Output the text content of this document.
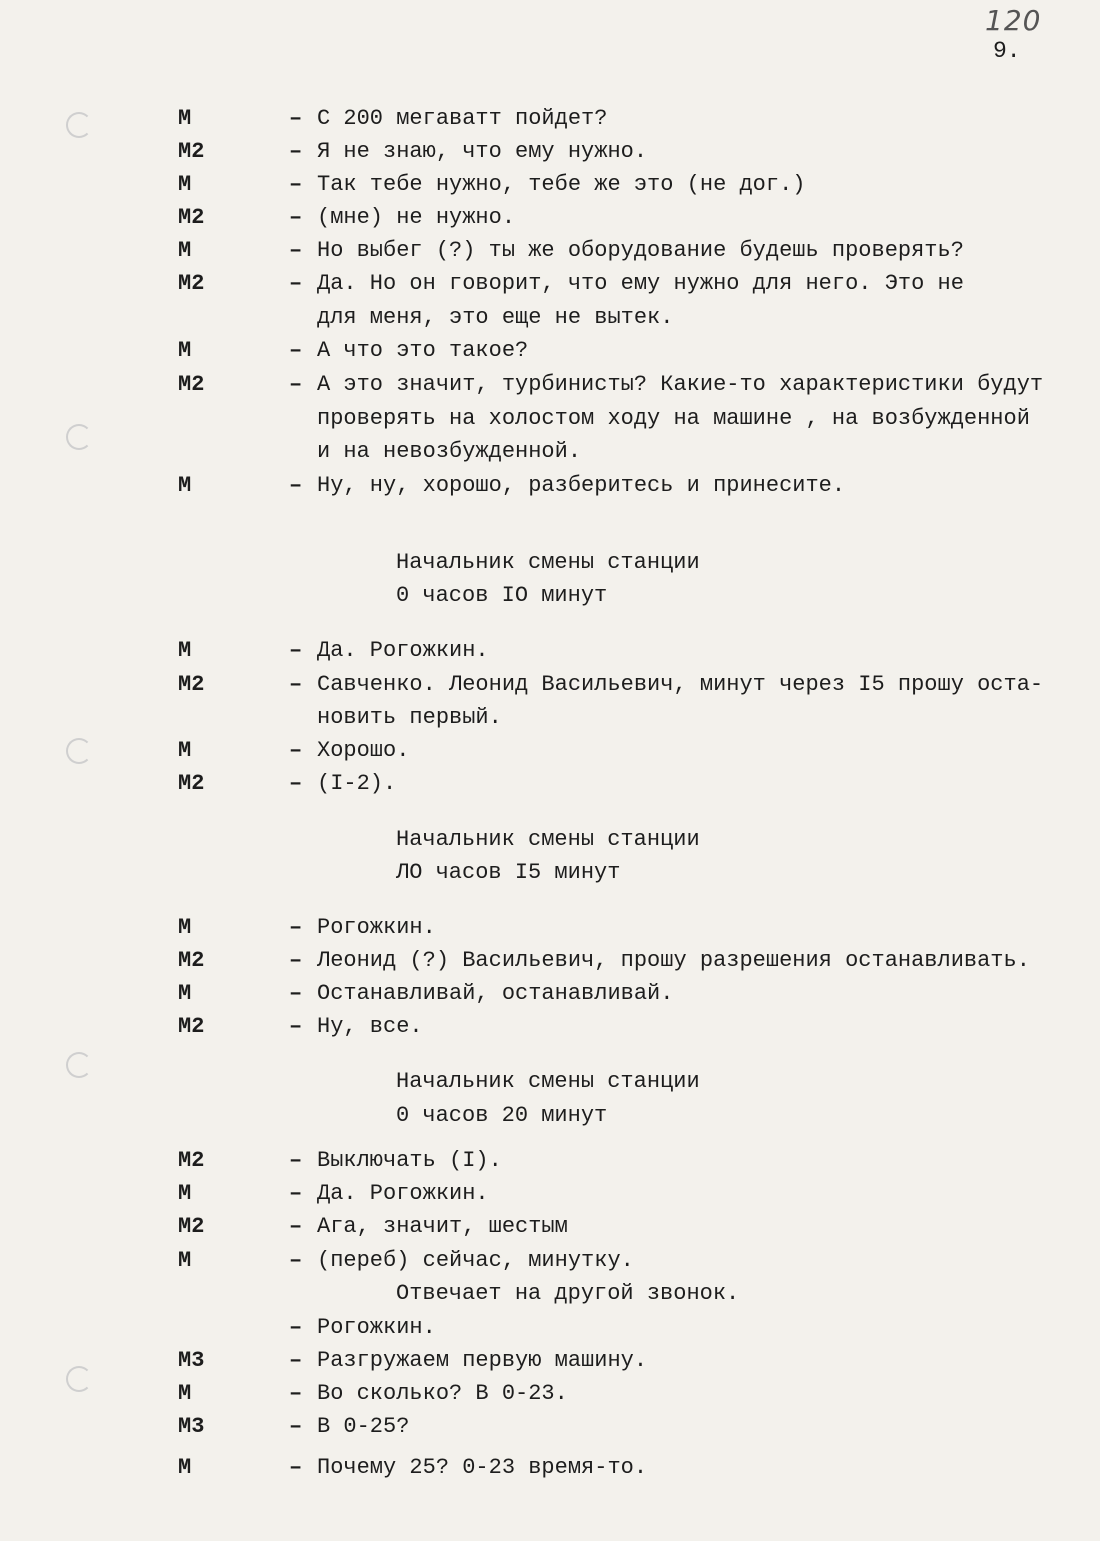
120
9.
М	– С 200 мегаватт пойдет?
М2	– Я не знаю, что ему нужно.
М	– Так тебе нужно, тебе же это (не дог.)
М2	– (мне) не нужно.
М	– Но выбег (?) ты же оборудование будешь проверять?
М2	– Да. Но он говорит, что ему нужно для него. Это не
для меня, это еще не вытек.
М	– А что это такое?
М2	– А это значит, турбинисты? Какие-то характеристики будут
проверять на холостом ходу на машине , на возбужденной
и на невозбужденной.
М	– Ну, ну, хорошо, разберитесь и принесите.
Начальник смены станции
0 часов IО минут
М	– Да. Рогожкин.
М2	– Савченко. Леонид Васильевич, минут через I5 прошу оста-
новить первый.
М	– Хорошо.
М2	– (I-2).
Начальник смены станции
ЛО часов I5 минут
М	– Рогожкин.
М2	– Леонид (?) Васильевич, прошу разрешения останавливать.
М	– Останавливай, останавливай.
М2	– Ну, все.
Начальник смены станции
0 часов 20 минут
М2	– Выключать (I).
М	– Да. Рогожкин.
М2	– Ага, значит, шестым
М	– (переб) сейчас, минутку.
Отвечает на другой звонок.
– Рогожкин.
М3	– Разгружаем первую машину.
М	– Во сколько? В 0-23.
М3	– В 0-25?
М	– Почему 25? 0-23 время-то.
